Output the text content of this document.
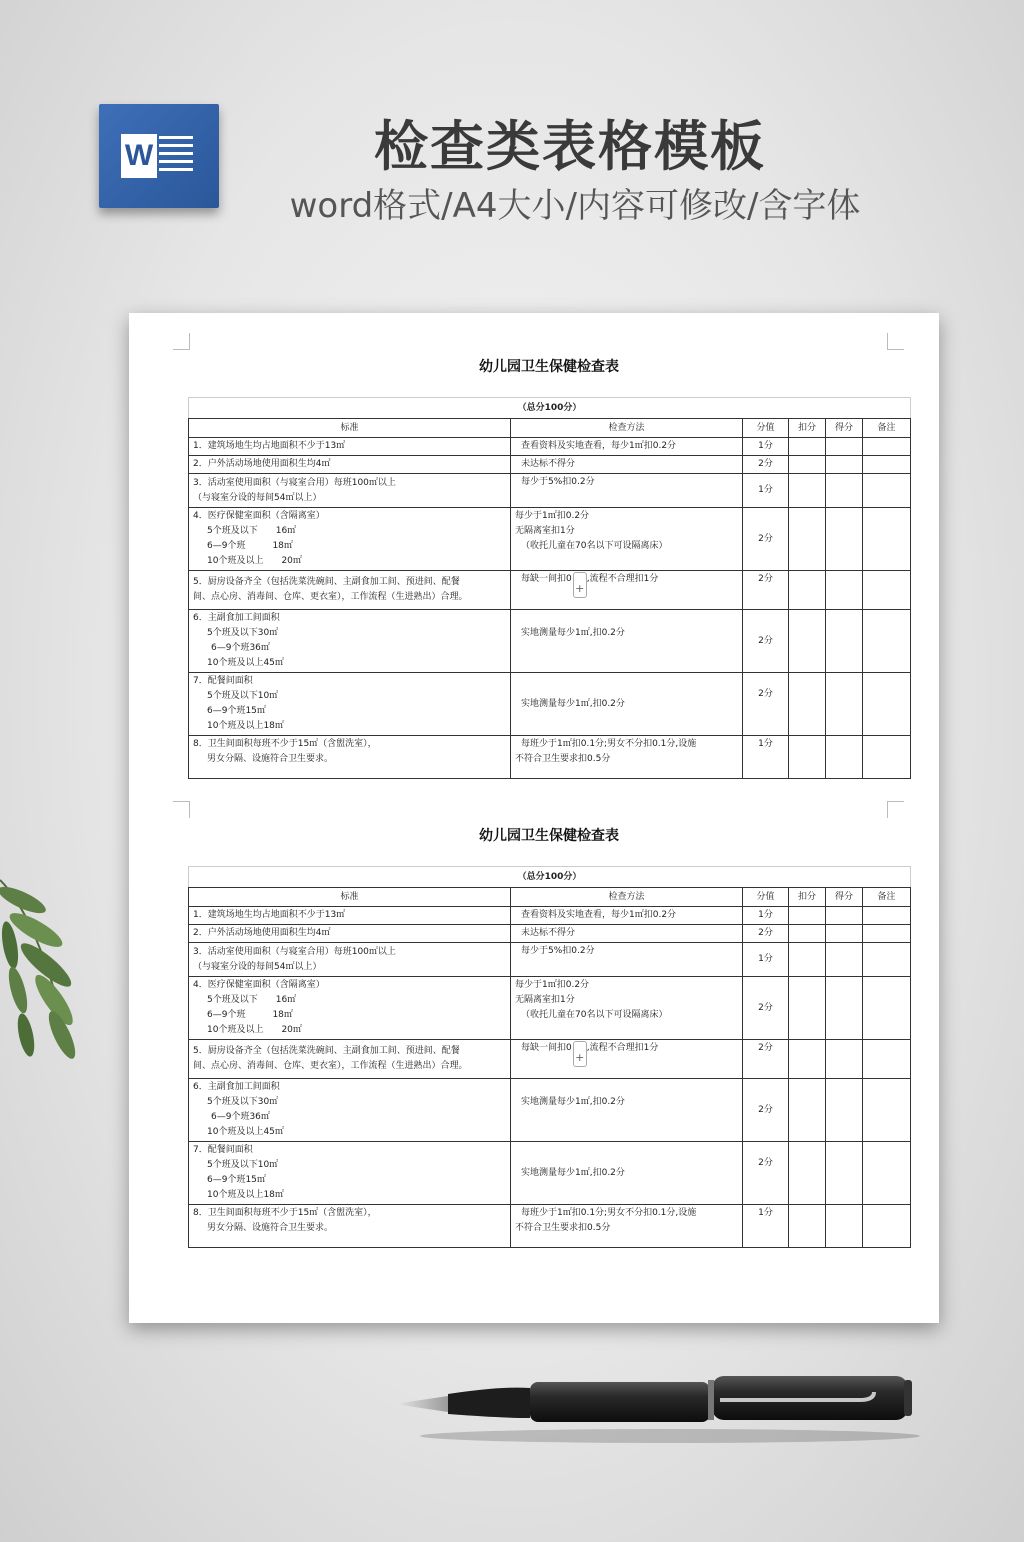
W	检查类表格模板
word格式/A4大小/内容可修改/含字体
幼儿园卫生保健检查表
（总分100分）					
标准	检查方法	分值	扣分	得分	备注

1．建筑场地生均占地面积不少于13㎡	查看资料及实地查看，每少1㎡扣0.2分	1分			

2．户外活动场地使用面积生均4㎡	未达标不得分	2分			

3．活动室使用面积（与寝室合用）每班100㎡以上
（与寝室分设的每间54㎡以上）	每少于5%扣0.2分	1分			

4．医疗保健室面积（含隔离室）
5个班及以下　　16㎡
6—9个班　　　18㎡
10个班及以上　　20㎡	每少于1㎡扣0.2分
无隔离室扣1分
（收托儿童在70名以下可设隔离床）	2分			

5．厨房设备齐全（包括洗菜洗碗间、主副食加工间、预进间、配餐
间、点心房、消毒间、仓库、更衣室），工作流程（生进熟出）合理。	每缺一间扣0+,流程不合理扣1分	2分			

6．主副食加工间面积
5个班及以下30㎡
6—9个班36㎡
10个班及以上45㎡	实地测量每少1㎡,扣0.2分	2分			

7．配餐间面积
5个班及以下10㎡
6—9个班15㎡
10个班及以上18㎡	实地测量每少1㎡,扣0.2分	2分			

8．卫生间面积每班不少于15㎡（含盥洗室），
男女分隔、设施符合卫生要求。	每班少于1㎡扣0.1分;男女不分扣0.1分,设施
不符合卫生要求扣0.5分	1分			
幼儿园卫生保健检查表
（总分100分）					
标准	检查方法	分值	扣分	得分	备注

1．建筑场地生均占地面积不少于13㎡	查看资料及实地查看，每少1㎡扣0.2分	1分			

2．户外活动场地使用面积生均4㎡	未达标不得分	2分			

3．活动室使用面积（与寝室合用）每班100㎡以上
（与寝室分设的每间54㎡以上）	每少于5%扣0.2分	1分			

4．医疗保健室面积（含隔离室）
5个班及以下　　16㎡
6—9个班　　　18㎡
10个班及以上　　20㎡	每少于1㎡扣0.2分
无隔离室扣1分
（收托儿童在70名以下可设隔离床）	2分			

5．厨房设备齐全（包括洗菜洗碗间、主副食加工间、预进间、配餐
间、点心房、消毒间、仓库、更衣室），工作流程（生进熟出）合理。	每缺一间扣0+,流程不合理扣1分	2分			

6．主副食加工间面积
5个班及以下30㎡
6—9个班36㎡
10个班及以上45㎡	实地测量每少1㎡,扣0.2分	2分			

7．配餐间面积
5个班及以下10㎡
6—9个班15㎡
10个班及以上18㎡	实地测量每少1㎡,扣0.2分	2分			

8．卫生间面积每班不少于15㎡（含盥洗室），
男女分隔、设施符合卫生要求。	每班少于1㎡扣0.1分;男女不分扣0.1分,设施
不符合卫生要求扣0.5分	1分			
